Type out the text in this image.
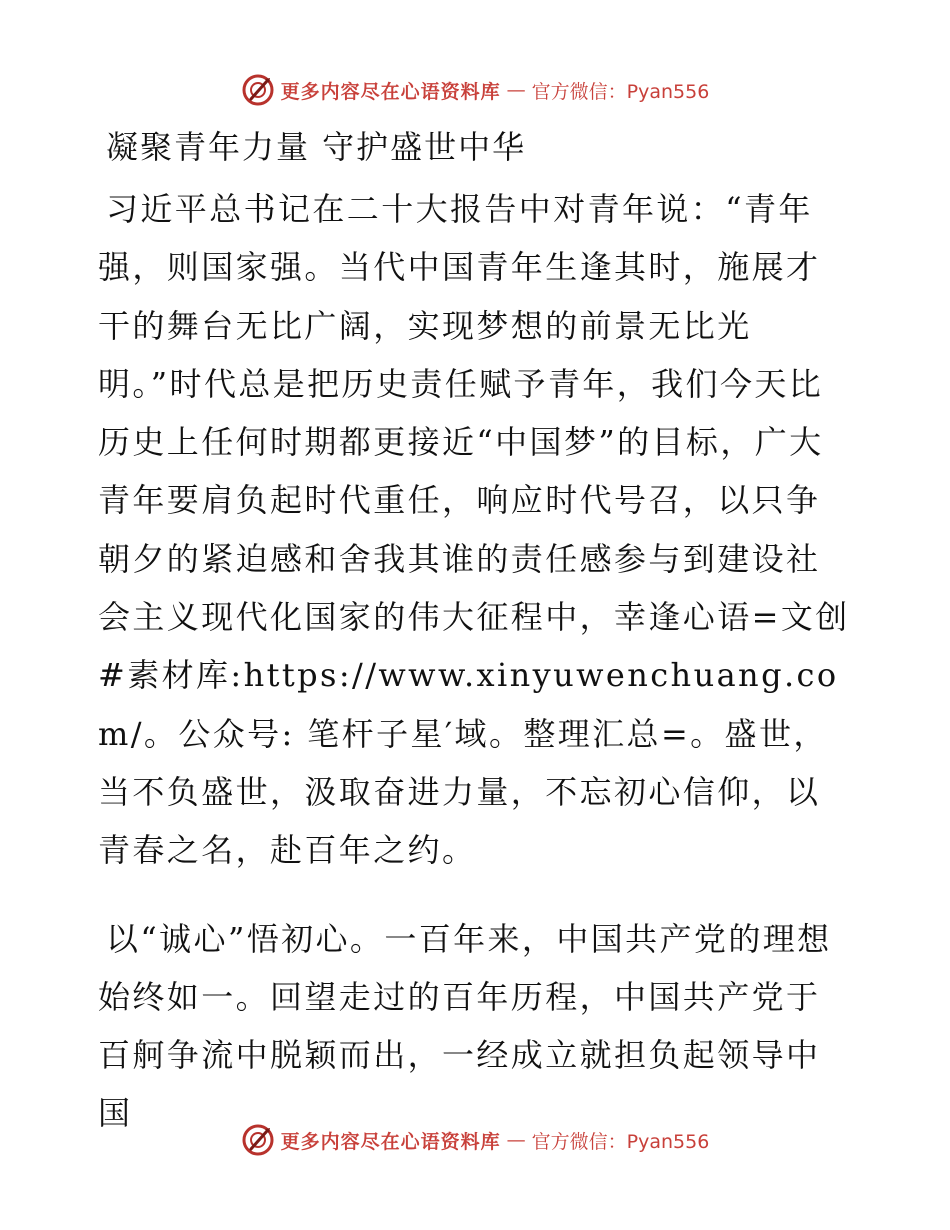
更多内容尽在心语资料库 — 官方微信：Pyan556
凝聚青年力量 守护盛世中华

习近平总书记在二十大报告中对青年说：“青年强，则国家强。当代中国青年生逢其时，施展才干的舞台无比广阔，实现梦想的前景无比光明。”时代总是把历史责任赋予青年，我们今天比历史上任何时期都更接近“中国梦”的目标，广大青年要肩负起时代重任，响应时代号召，以只争朝夕的紧迫感和舍我其谁的责任感参与到建设社会主义现代化国家的伟大征程中，幸逢心语=文创#素材库:https://www.xinyuwenchuang.com/。公众号: 笔杆子星′域。整理汇总=。盛世，当不负盛世，汲取奋进力量，不忘初心信仰，以青春之名，赴百年之约。

以“诚心”悟初心。一百年来，中国共产党的理想始终如一。回望走过的百年历程，中国共产党于百舸争流中脱颖而出，一经成立就担负起领导中国

更多内容尽在心语资料库 — 官方微信：Pyan556
